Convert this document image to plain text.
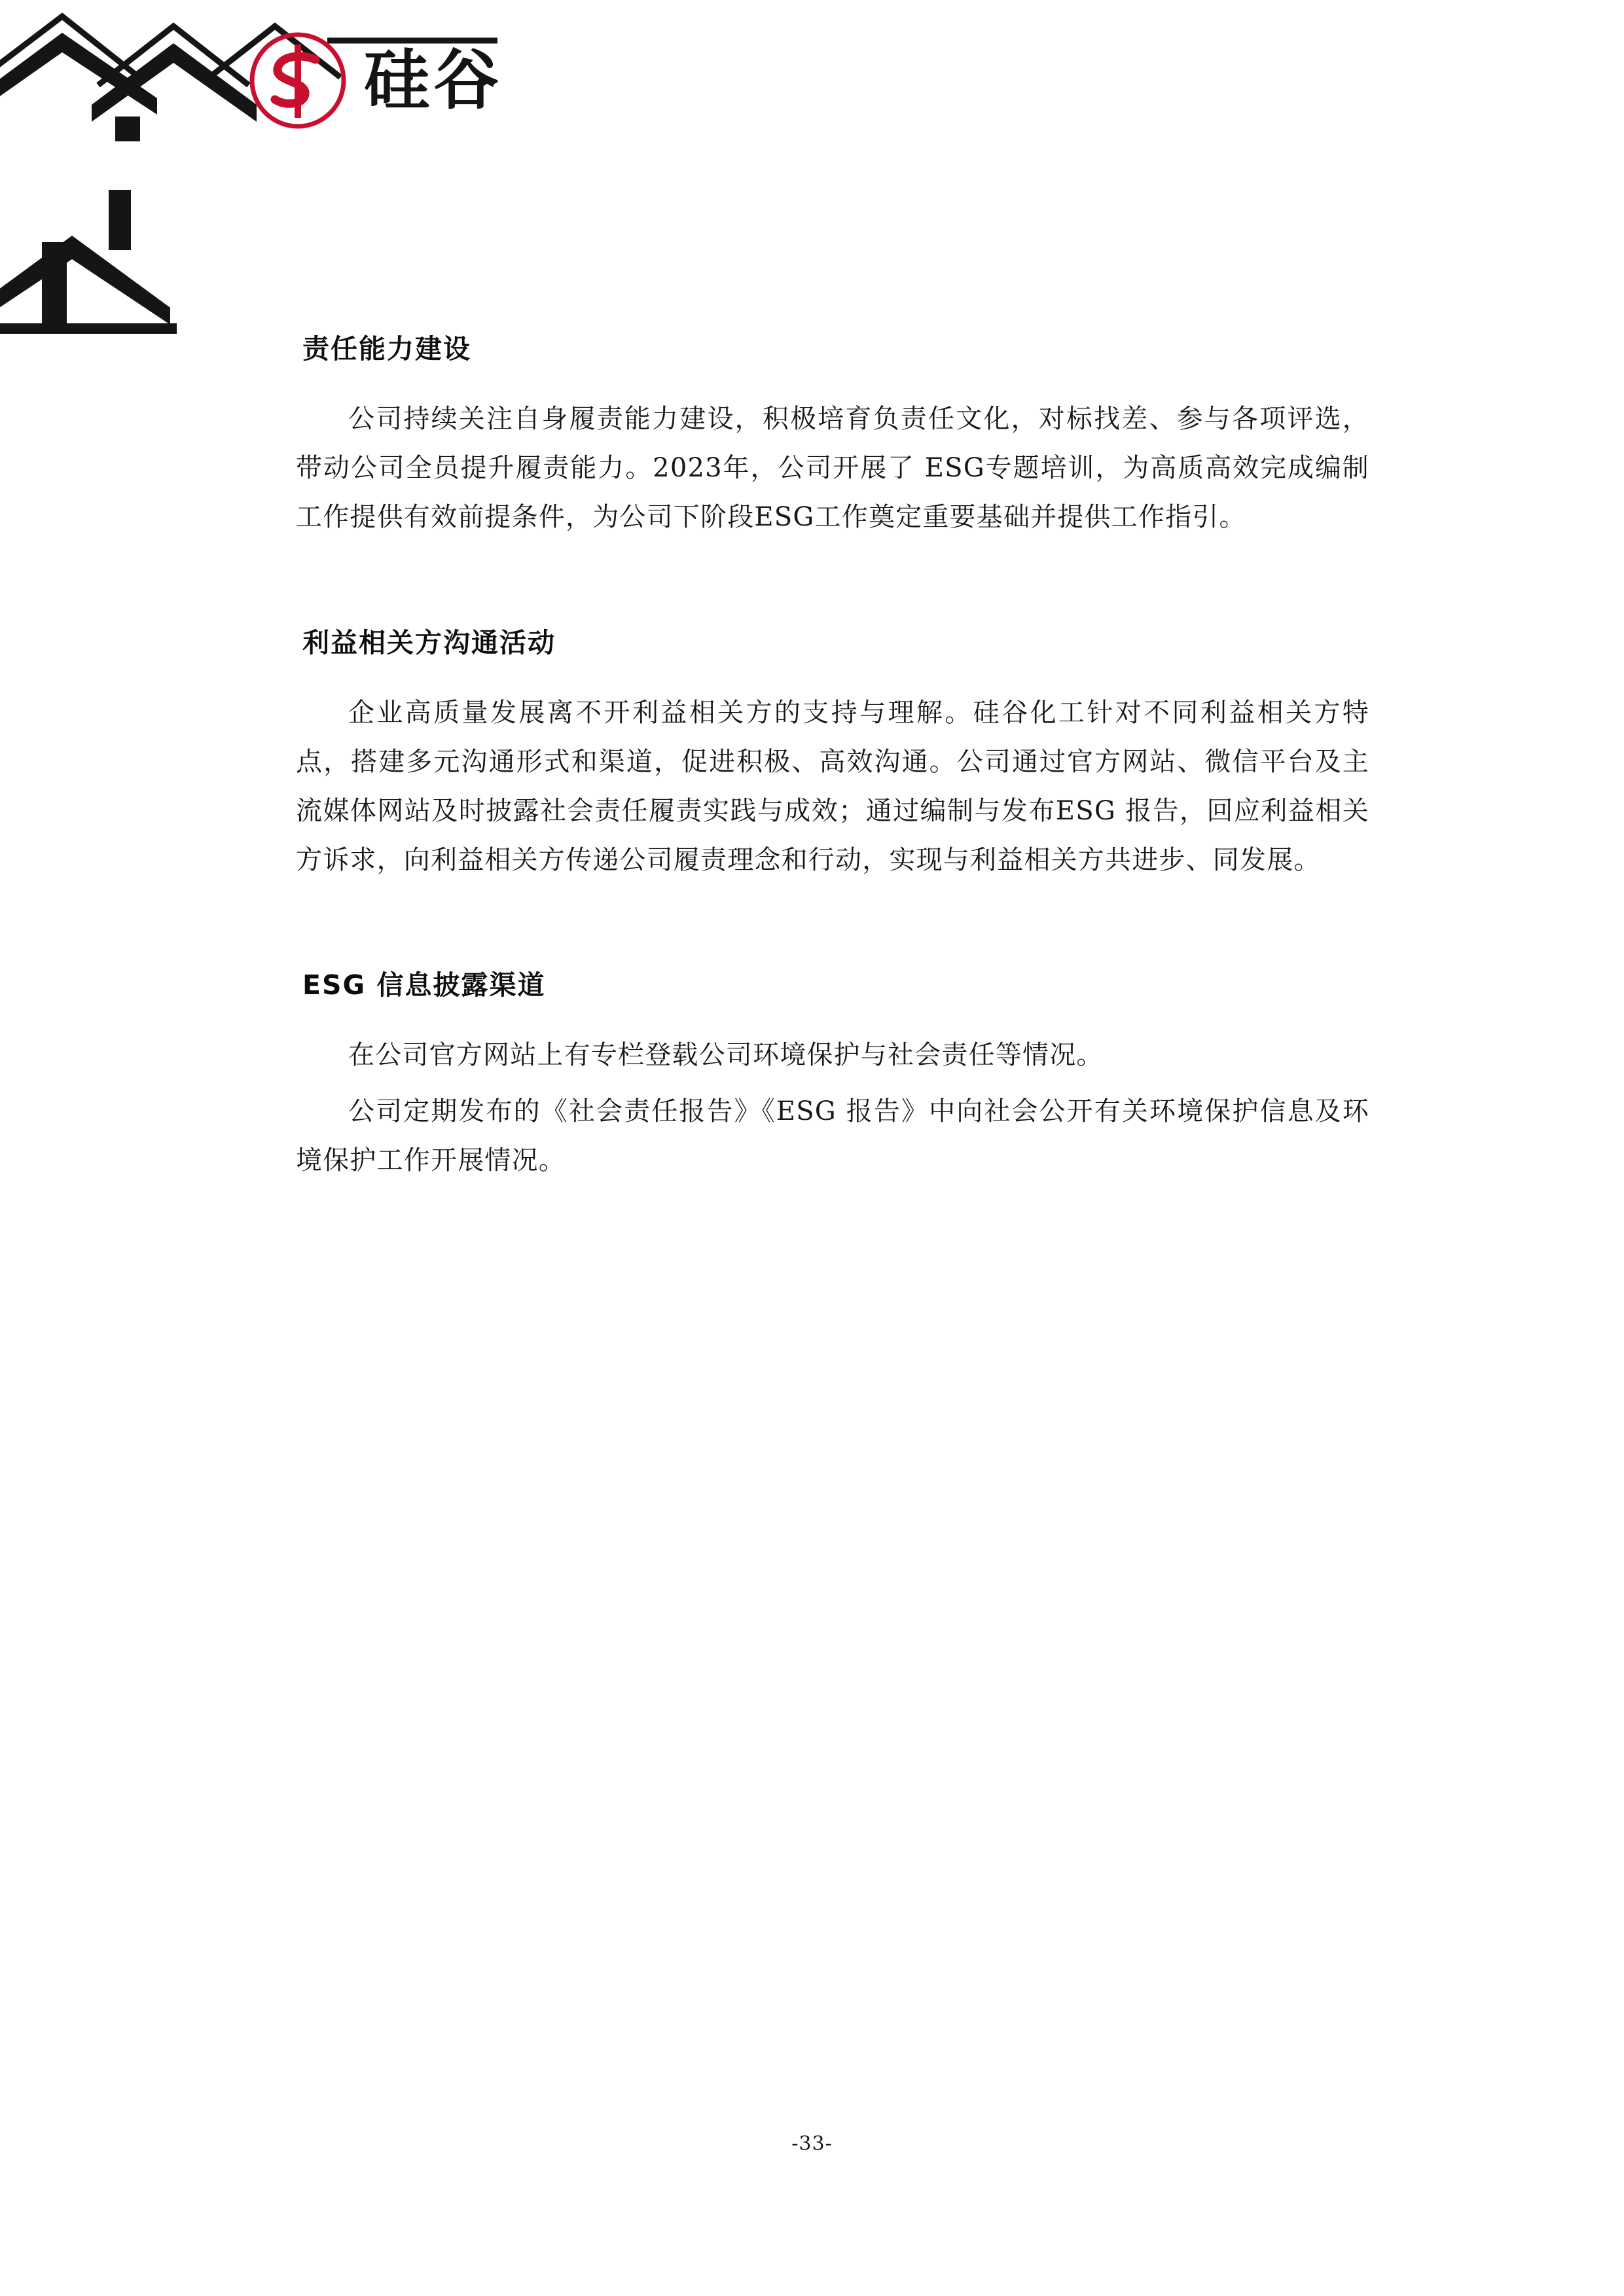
硅谷
责任能力建设

公司持续关注自身履责能力建设，积极培育负责任文化，对标找差、参与各项评选，带动公司全员提升履责能力。2023年，公司开展了 ESG专题培训，为高质高效完成编制工作提供有效前提条件，为公司下阶段ESG工作奠定重要基础并提供工作指引。

利益相关方沟通活动

企业高质量发展离不开利益相关方的支持与理解。硅谷化工针对不同利益相关方特点，搭建多元沟通形式和渠道，促进积极、高效沟通。公司通过官方网站、微信平台及主流媒体网站及时披露社会责任履责实践与成效；通过编制与发布ESG 报告，回应利益相关方诉求，向利益相关方传递公司履责理念和行动，实现与利益相关方共进步、同发展。

ESG 信息披露渠道

在公司官方网站上有专栏登载公司环境保护与社会责任等情况。

公司定期发布的《社会责任报告》《ESG 报告》中向社会公开有关环境保护信息及环境保护工作开展情况。

-33-
